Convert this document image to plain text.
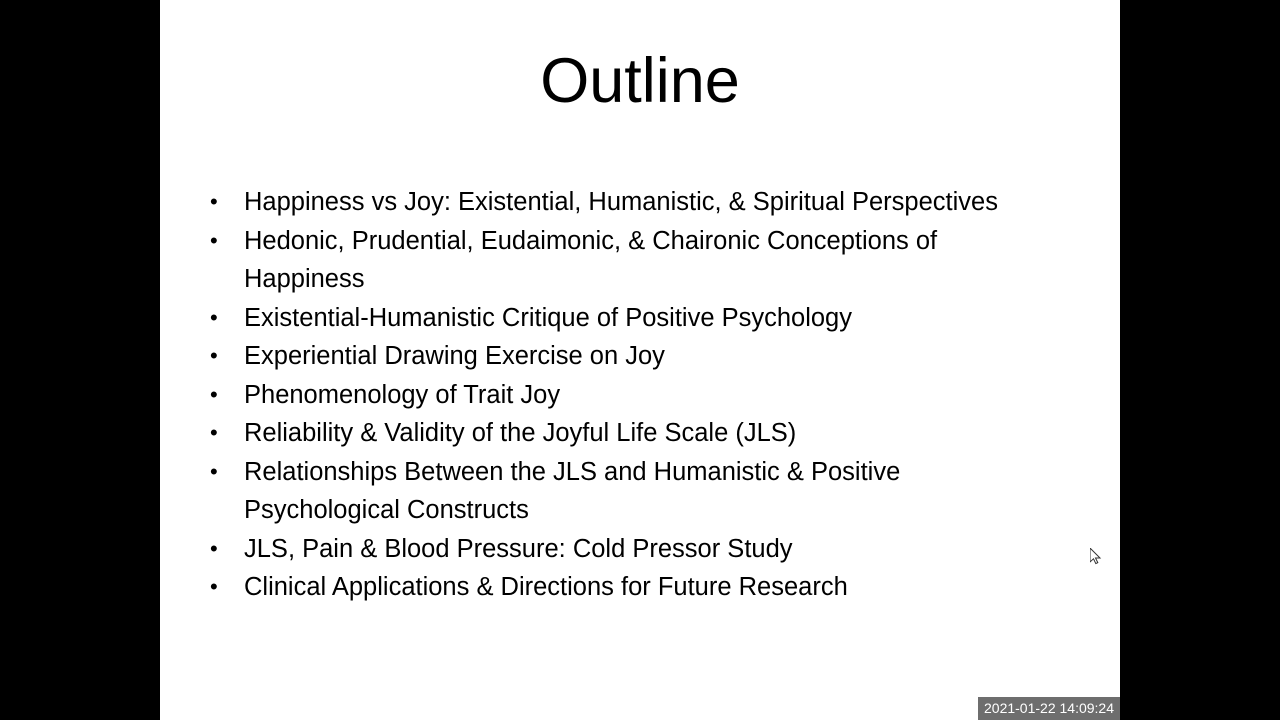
Outline
•	Happiness vs Joy: Existential, Humanistic, & Spiritual Perspectives
•	Hedonic, Prudential, Eudaimonic, & Chaironic Conceptions of Happiness
•	Existential-Humanistic Critique of Positive Psychology
•	Experiential Drawing Exercise on Joy
•	Phenomenology of Trait Joy
•	Reliability & Validity of the Joyful Life Scale (JLS)
•	Relationships Between the JLS and Humanistic & Positive Psychological Constructs
•	JLS, Pain & Blood Pressure: Cold Pressor Study
•	Clinical Applications & Directions for Future Research
2021-01-22 14:09:24
